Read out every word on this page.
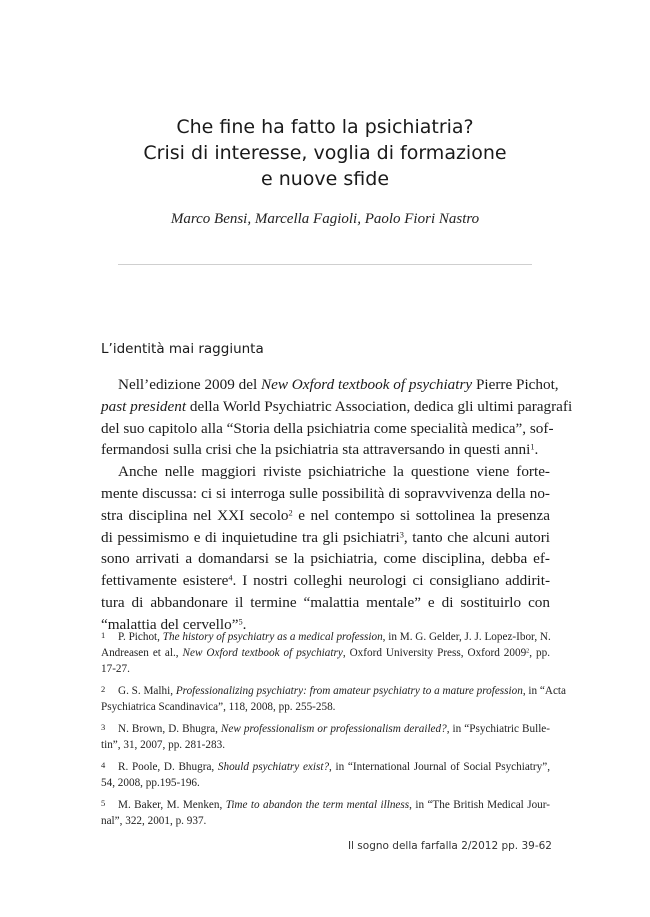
Che fine ha fatto la psichiatria?
Crisi di interesse, voglia di formazione
e nuove sfide

Marco Bensi, Marcella Fagioli, Paolo Fiori Nastro

L’identità mai raggiunta

Nell’edizione 2009 del New Oxford textbook of psychiatry Pierre Pichot,
past president della World Psychiatric Association, dedica gli ultimi paragrafi
del suo capitolo alla “Storia della psichiatria come specialità medica”, sof-
fermandosi sulla crisi che la psichiatria sta attraversando in questi anni$^1$.

Anche nelle maggiori riviste psichiatriche la questione viene forte-
mente discussa: ci si interroga sulle possibilità di sopravvivenza della no-
stra disciplina nel XXI secolo$^2$ e nel contempo si sottolinea la presenza
di pessimismo e di inquietudine tra gli psichiatri$^3$, tanto che alcuni autori
sono arrivati a domandarsi se la psichiatria, come disciplina, debba ef-
fettivamente esistere$^4$. I nostri colleghi neurologi ci consigliano addirit-
tura di abbandonare il termine “malattia mentale” e di sostituirlo con
“malattia del cervello”$^5$.

1 P. Pichot, The history of psychiatry as a medical profession, in M. G. Gelder, J. J. Lopez-Ibor, N.
Andreasen et al., New Oxford textbook of psychiatry, Oxford University Press, Oxford 2009$^2$, pp.
17-27.
2 G. S. Malhi, Professionalizing psychiatry: from amateur psychiatry to a mature profession, in “Acta
Psychiatrica Scandinavica”, 118, 2008, pp. 255-258.
3 N. Brown, D. Bhugra, New professionalism or professionalism derailed?, in “Psychiatric Bulle-
tin”, 31, 2007, pp. 281-283.
4 R. Poole, D. Bhugra, Should psychiatry exist?, in “International Journal of Social Psychiatry”,
54, 2008, pp.195-196.
5 M. Baker, M. Menken, Time to abandon the term mental illness, in “The British Medical Jour-
nal”, 322, 2001, p. 937.
Il sogno della farfalla 2/2012 pp. 39-62
